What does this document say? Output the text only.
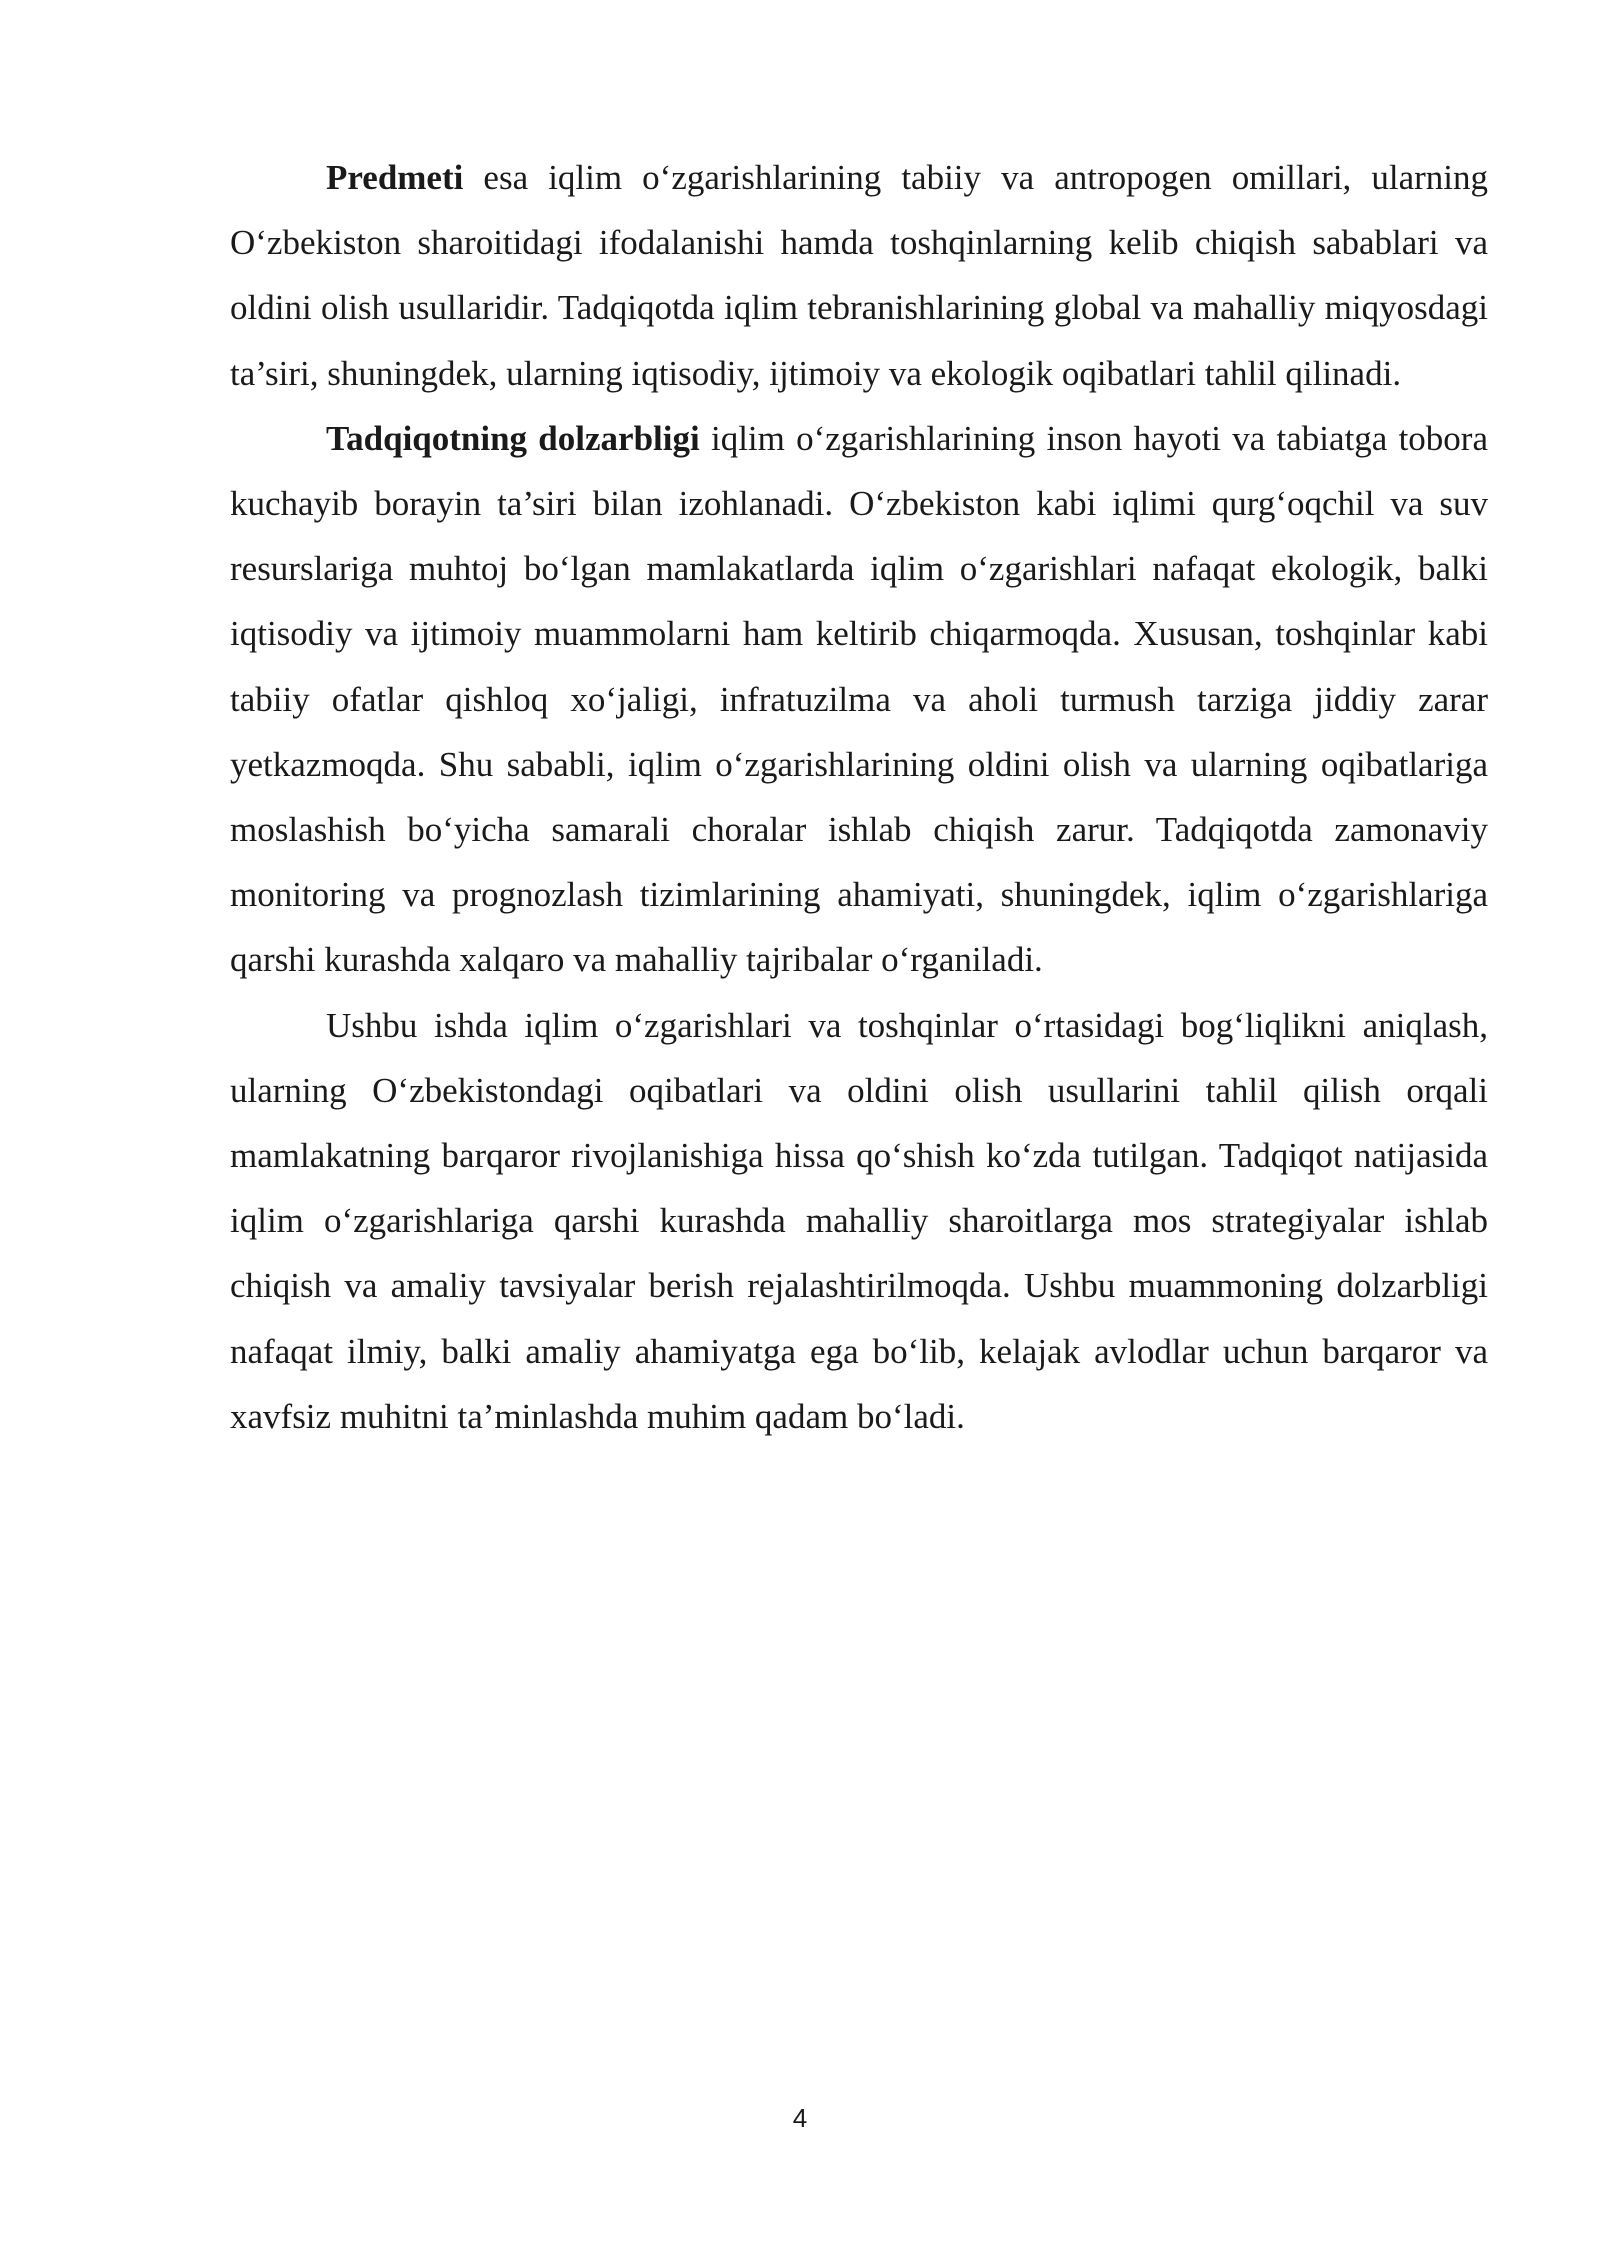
Predmeti esa iqlim o‘zgarishlarining tabiiy va antropogen omillari, ularning O‘zbekiston sharoitidagi ifodalanishi hamda toshqinlarning kelib chiqish sabablari va oldini olish usullaridir. Tadqiqotda iqlim tebranishlarining global va mahalliy miqyosdagi ta’siri, shuningdek, ularning iqtisodiy, ijtimoiy va ekologik oqibatlari tahlil qilinadi.

Tadqiqotning dolzarbligi iqlim o‘zgarishlarining inson hayoti va tabiatga tobora kuchayib borayin ta’siri bilan izohlanadi. O‘zbekiston kabi iqlimi qurg‘oqchil va suv resurslariga muhtoj bo‘lgan mamlakatlarda iqlim o‘zgarishlari nafaqat ekologik, balki iqtisodiy va ijtimoiy muammolarni ham keltirib chiqarmoqda. Xususan, toshqinlar kabi tabiiy ofatlar qishloq xo‘jaligi, infratuzilma va aholi turmush tarziga jiddiy zarar yetkazmoqda. Shu sababli, iqlim o‘zgarishlarining oldini olish va ularning oqibatlariga moslashish bo‘yicha samarali choralar ishlab chiqish zarur. Tadqiqotda zamonaviy monitoring va prognozlash tizimlarining ahamiyati, shuningdek, iqlim o‘zgarishlariga qarshi kurashda xalqaro va mahalliy tajribalar o‘rganiladi.

Ushbu ishda iqlim o‘zgarishlari va toshqinlar o‘rtasidagi bog‘liqlikni aniqlash, ularning O‘zbekistondagi oqibatlari va oldini olish usullarini tahlil qilish orqali mamlakatning barqaror rivojlanishiga hissa qo‘shish ko‘zda tutilgan. Tadqiqot natijasida iqlim o‘zgarishlariga qarshi kurashda mahalliy sharoitlarga mos strategiyalar ishlab chiqish va amaliy tavsiyalar berish rejalashtirilmoqda. Ushbu muammoning dolzarbligi nafaqat ilmiy, balki amaliy ahamiyatga ega bo‘lib, kelajak avlodlar uchun barqaror va xavfsiz muhitni ta’minlashda muhim qadam bo‘ladi.

4
